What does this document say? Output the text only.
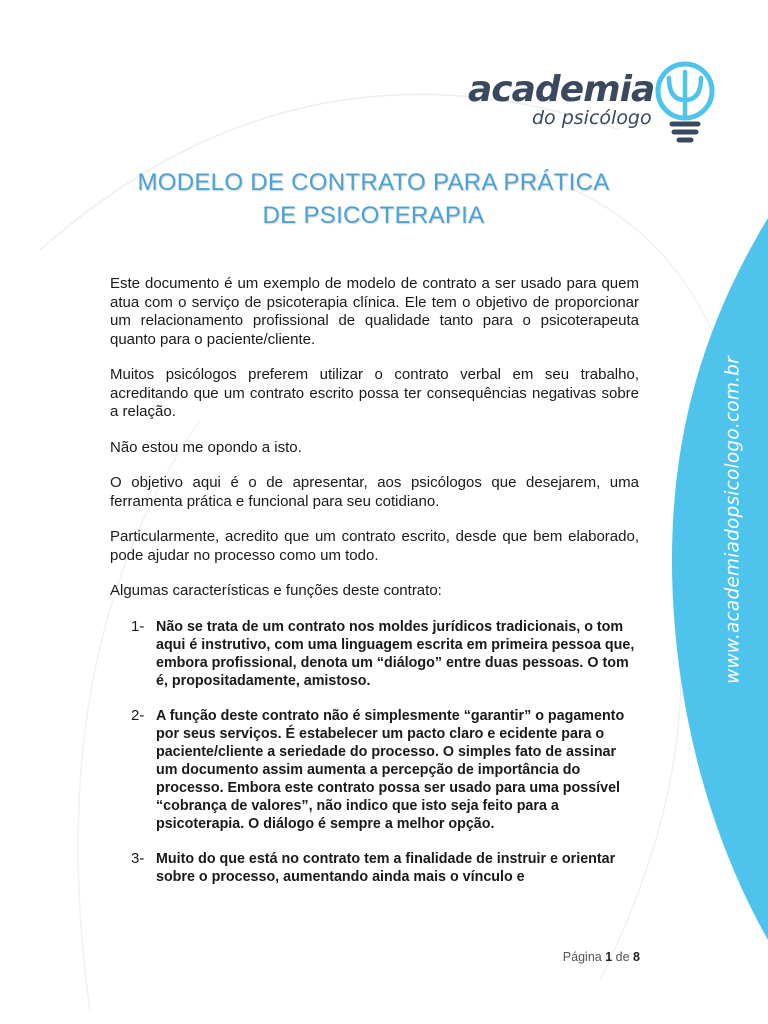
www.academiadopsicologo.com.br
academia
do psicólogo
MODELO DE CONTRATO PARA PRÁTICA
DE PSICOTERAPIA

Este documento é um exemplo de modelo de contrato a ser usado para quem atua com o serviço de psicoterapia clínica. Ele tem o objetivo de proporcionar um relacionamento profissional de qualidade tanto para o psicoterapeuta quanto para o paciente/cliente.

Muitos psicólogos preferem utilizar o contrato verbal em seu trabalho, acreditando que um contrato escrito possa ter consequências negativas sobre a relação.

Não estou me opondo a isto.

O objetivo aqui é o de apresentar, aos psicólogos que desejarem, uma ferramenta prática e funcional para seu cotidiano.

Particularmente, acredito que um contrato escrito, desde que bem elaborado, pode ajudar no processo como um todo.

Algumas características e funções deste contrato:

1- Não se trata de um contrato nos moldes jurídicos tradicionais, o tom aqui é instrutivo, com uma linguagem escrita em primeira pessoa que, embora profissional, denota um “diálogo” entre duas pessoas. O tom é, propositadamente, amistoso.
2- A função deste contrato não é simplesmente “garantir” o pagamento por seus serviços. É estabelecer um pacto claro e ecidente para o paciente/cliente a seriedade do processo. O simples fato de assinar um documento assim aumenta a percepção de importância do processo. Embora este contrato possa ser usado para uma possível “cobrança de valores”, não indico que isto seja feito para a psicoterapia. O diálogo é sempre a melhor opção.
3- Muito do que está no contrato tem a finalidade de instruir e orientar sobre o processo, aumentando ainda mais o vínculo e
Página 1 de 8
